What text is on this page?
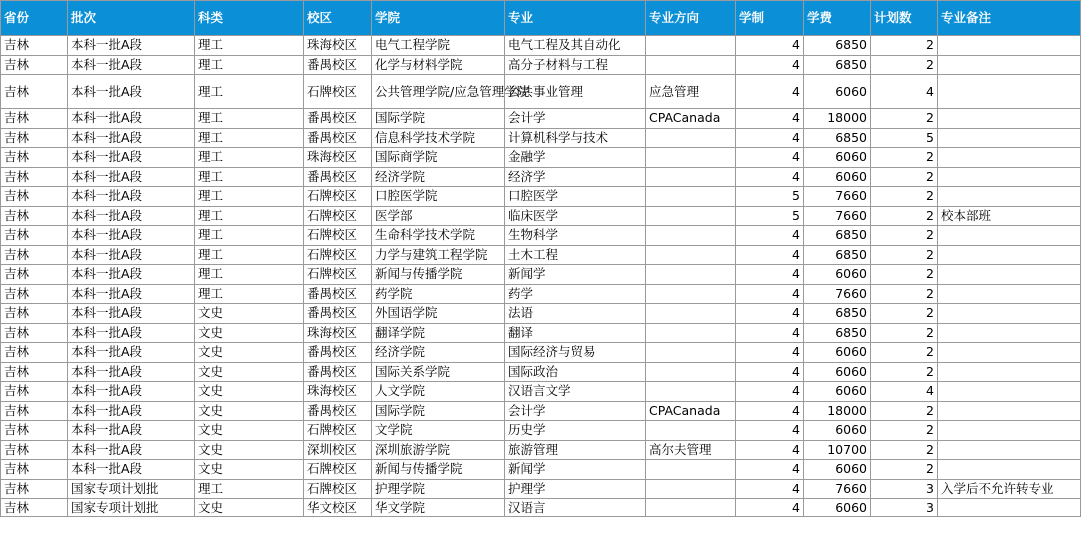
省份	批次	科类	校区	学院	专业	专业方向	学制	学费	计划数	专业备注
吉林	本科一批A段	理工	珠海校区	电气工程学院	电气工程及其自动化		4	6850	2	
吉林	本科一批A段	理工	番禺校区	化学与材料学院	高分子材料与工程		4	6850	2	
吉林	本科一批A段	理工	石牌校区	公共管理学院/应急管理学院	公共事业管理	应急管理	4	6060	4	
吉林	本科一批A段	理工	番禺校区	国际学院	会计学	CPACanada	4	18000	2	
吉林	本科一批A段	理工	番禺校区	信息科学技术学院	计算机科学与技术		4	6850	5	
吉林	本科一批A段	理工	珠海校区	国际商学院	金融学		4	6060	2	
吉林	本科一批A段	理工	番禺校区	经济学院	经济学		4	6060	2	
吉林	本科一批A段	理工	石牌校区	口腔医学院	口腔医学		5	7660	2	
吉林	本科一批A段	理工	石牌校区	医学部	临床医学		5	7660	2	校本部班
吉林	本科一批A段	理工	石牌校区	生命科学技术学院	生物科学		4	6850	2	
吉林	本科一批A段	理工	石牌校区	力学与建筑工程学院	土木工程		4	6850	2	
吉林	本科一批A段	理工	石牌校区	新闻与传播学院	新闻学		4	6060	2	
吉林	本科一批A段	理工	番禺校区	药学院	药学		4	7660	2	
吉林	本科一批A段	文史	番禺校区	外国语学院	法语		4	6850	2	
吉林	本科一批A段	文史	珠海校区	翻译学院	翻译		4	6850	2	
吉林	本科一批A段	文史	番禺校区	经济学院	国际经济与贸易		4	6060	2	
吉林	本科一批A段	文史	番禺校区	国际关系学院	国际政治		4	6060	2	
吉林	本科一批A段	文史	珠海校区	人文学院	汉语言文学		4	6060	4	
吉林	本科一批A段	文史	番禺校区	国际学院	会计学	CPACanada	4	18000	2	
吉林	本科一批A段	文史	石牌校区	文学院	历史学		4	6060	2	
吉林	本科一批A段	文史	深圳校区	深圳旅游学院	旅游管理	高尔夫管理	4	10700	2	
吉林	本科一批A段	文史	石牌校区	新闻与传播学院	新闻学		4	6060	2	
吉林	国家专项计划批	理工	石牌校区	护理学院	护理学		4	7660	3	入学后不允许转专业
吉林	国家专项计划批	文史	华文校区	华文学院	汉语言		4	6060	3	
